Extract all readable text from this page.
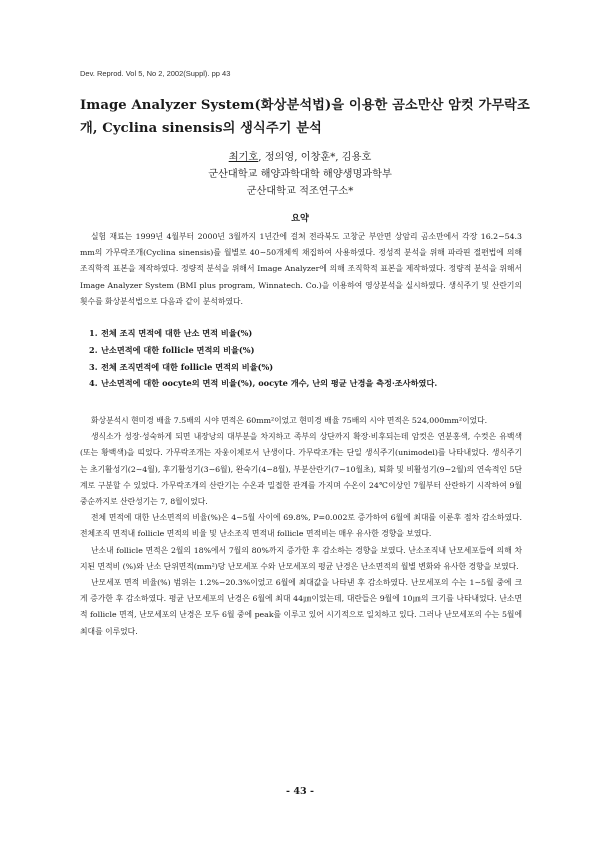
Dev. Reprod. Vol 5, No 2, 2002(Suppl). pp 43
Image Analyzer System(화상분석법)을 이용한 곰소만산 암컷 가무락조
개, Cyclina sinensis의 생식주기 분석
최기호, 정의영, 이창훈*, 김용호
군산대학교 해양과학대학 해양생명과학부
군산대학교 적조연구소*
요약

실험 재료는 1999년 4월부터 2000년 3월까지 1년간에 걸쳐 전라북도 고창군 부안면 상암리 곰소만에서 각장 16.2∼54.3 mm의 가무락조개(Cyclina sinensis)를 월별로 40∼50개체씩 채집하여 사용하였다. 정성적 분석을 위해 파라핀 절편법에 의해 조직학적 표본을 제작하였다. 정량적 분석을 위해서 Image Analyzer에 의해 조직학적 표본을 제작하였다. 정량적 분석을 위해서 Image Analyzer System (BMI plus program, Winnatech. Co.)을 이용하여 영상분석을 실시하였다. 생식주기 및 산란기의 횟수를 화상분석법으로 다음과 같이 분석하였다.

1. 전체 조직 면적에 대한 난소 면적 비율(%)
2. 난소면적에 대한 follicle 면적의 비율(%)
3. 전체 조직면적에 대한 follicle 면적의 비율(%)
4. 난소면적에 대한 oocyte의 면적 비율(%), oocyte 개수, 난의 평균 난경을 측정·조사하였다.

화상분석시 현미경 배율 7.5배의 시야 면적은 60mm²이었고 현미경 배율 75배의 시야 면적은 524,000mm²이었다.

생식소가 성장·성숙하게 되면 내장낭의 대부분을 차지하고 족부의 상단까지 확장·비후되는데 암컷은 연분홍색, 수컷은 유백색(또는 황백색)을 띠었다. 가무락조개는 자웅이체로서 난생이다. 가무락조개는 단일 생식주기(unimodel)를 나타내었다. 생식주기는 초기활성기(2∼4월), 후기활성기(3∼6월), 완숙기(4∼8월), 부분산란기(7∼10월초), 퇴화 및 비활성기(9∼2월)의 연속적인 5단계로 구분할 수 있었다. 가무락조개의 산란기는 수온과 밀접한 관계를 가지며 수온이 24℃이상인 7월부터 산란하기 시작하여 9월 중순까지로 산란성기는 7, 8월이었다.

전체 면적에 대한 난소면적의 비율(%)은 4∼5월 사이에 69.8%, P=0.002로 증가하여 6월에 최대를 이룬후 점차 감소하였다. 전체조직 면적내 follicle 면적의 비율 및 난소조직 면적내 follicle 면적비는 매우 유사한 경향을 보였다.

난소내 follicle 면적은 2월의 18%에서 7월의 80%까지 증가한 후 감소하는 경향을 보였다. 난소조직내 난모세포들에 의해 차지된 면적비 (%)와 난소 단위면적(mm²)당 난모세포 수와 난모세포의 평균 난경은 난소면적의 월별 변화와 유사한 경향을 보였다.

난모세포 면적 비율(%) 범위는 1.2%∼20.3%이었고 6월에 최대값을 나타낸 후 감소하였다. 난모세포의 수는 1∼5월 중에 크게 증가한 후 감소하였다. 평균 난모세포의 난경은 6월에 최대 44㎛이었는데, 대란들은 9월에 10㎛의 크기를 나타내었다. 난소면적 follicle 면적, 난모세포의 난경은 모두 6월 중에 peak를 이루고 있어 시기적으로 일치하고 있다. 그러나 난모세포의 수는 5월에 최대를 이루었다.

- 43 -
